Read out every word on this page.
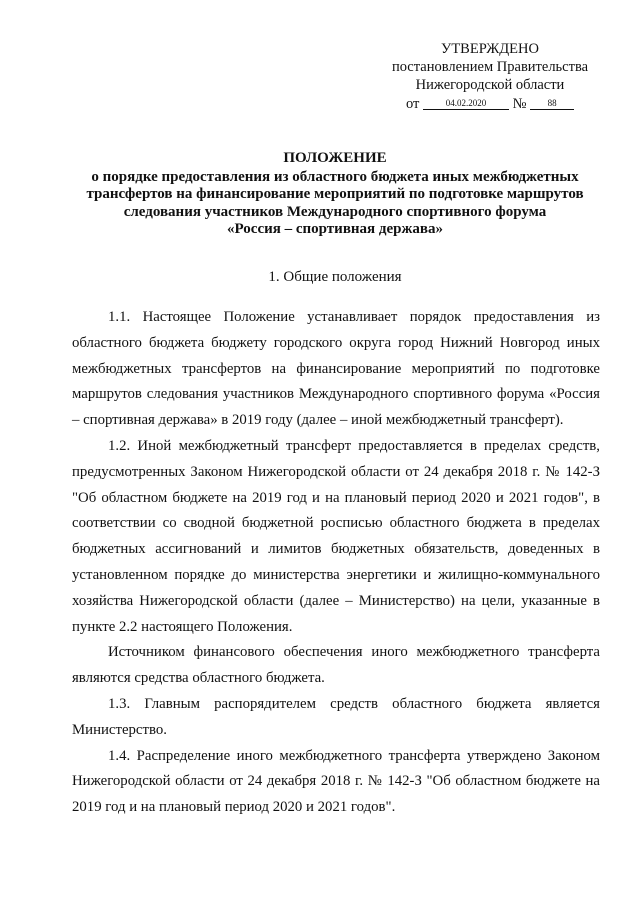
УТВЕРЖДЕНО
постановлением Правительства
Нижегородской области
от	04.02.2020 № 88
ПОЛОЖЕНИЕ
о порядке предоставления из областного бюджета иных межбюджетных
трансфертов на финансирование мероприятий по подготовке маршрутов
следования участников Международного спортивного форума
«Россия – спортивная держава»
1. Общие положения

1.1. Настоящее Положение устанавливает порядок предоставления из областного бюджета бюджету городского округа город Нижний Новгород иных межбюджетных трансфертов на финансирование мероприятий по подготовке маршрутов следования участников Международного спортивного форума «Россия – спортивная держава» в 2019 году (далее – иной межбюджетный трансферт).

1.2. Иной межбюджетный трансферт предоставляется в пределах средств, предусмотренных Законом Нижегородской области от 24 декабря 2018 г. № 142-З "Об областном бюджете на 2019 год и на плановый период 2020 и 2021 годов", в соответствии со сводной бюджетной росписью областного бюджета в пределах бюджетных ассигнований и лимитов бюджетных обязательств, доведенных в установленном порядке до министерства энергетики и жилищно-коммунального хозяйства Нижегородской области (далее – Министерство) на цели, указанные в пункте 2.2 настоящего Положения.

Источником финансового обеспечения иного межбюджетного трансферта являются средства областного бюджета.

1.3. Главным распорядителем средств областного бюджета является Министерство.

1.4. Распределение иного межбюджетного трансферта утверждено Законом Нижегородской области от 24 декабря 2018 г. № 142-З "Об областном бюджете на 2019 год и на плановый период 2020 и 2021 годов".
